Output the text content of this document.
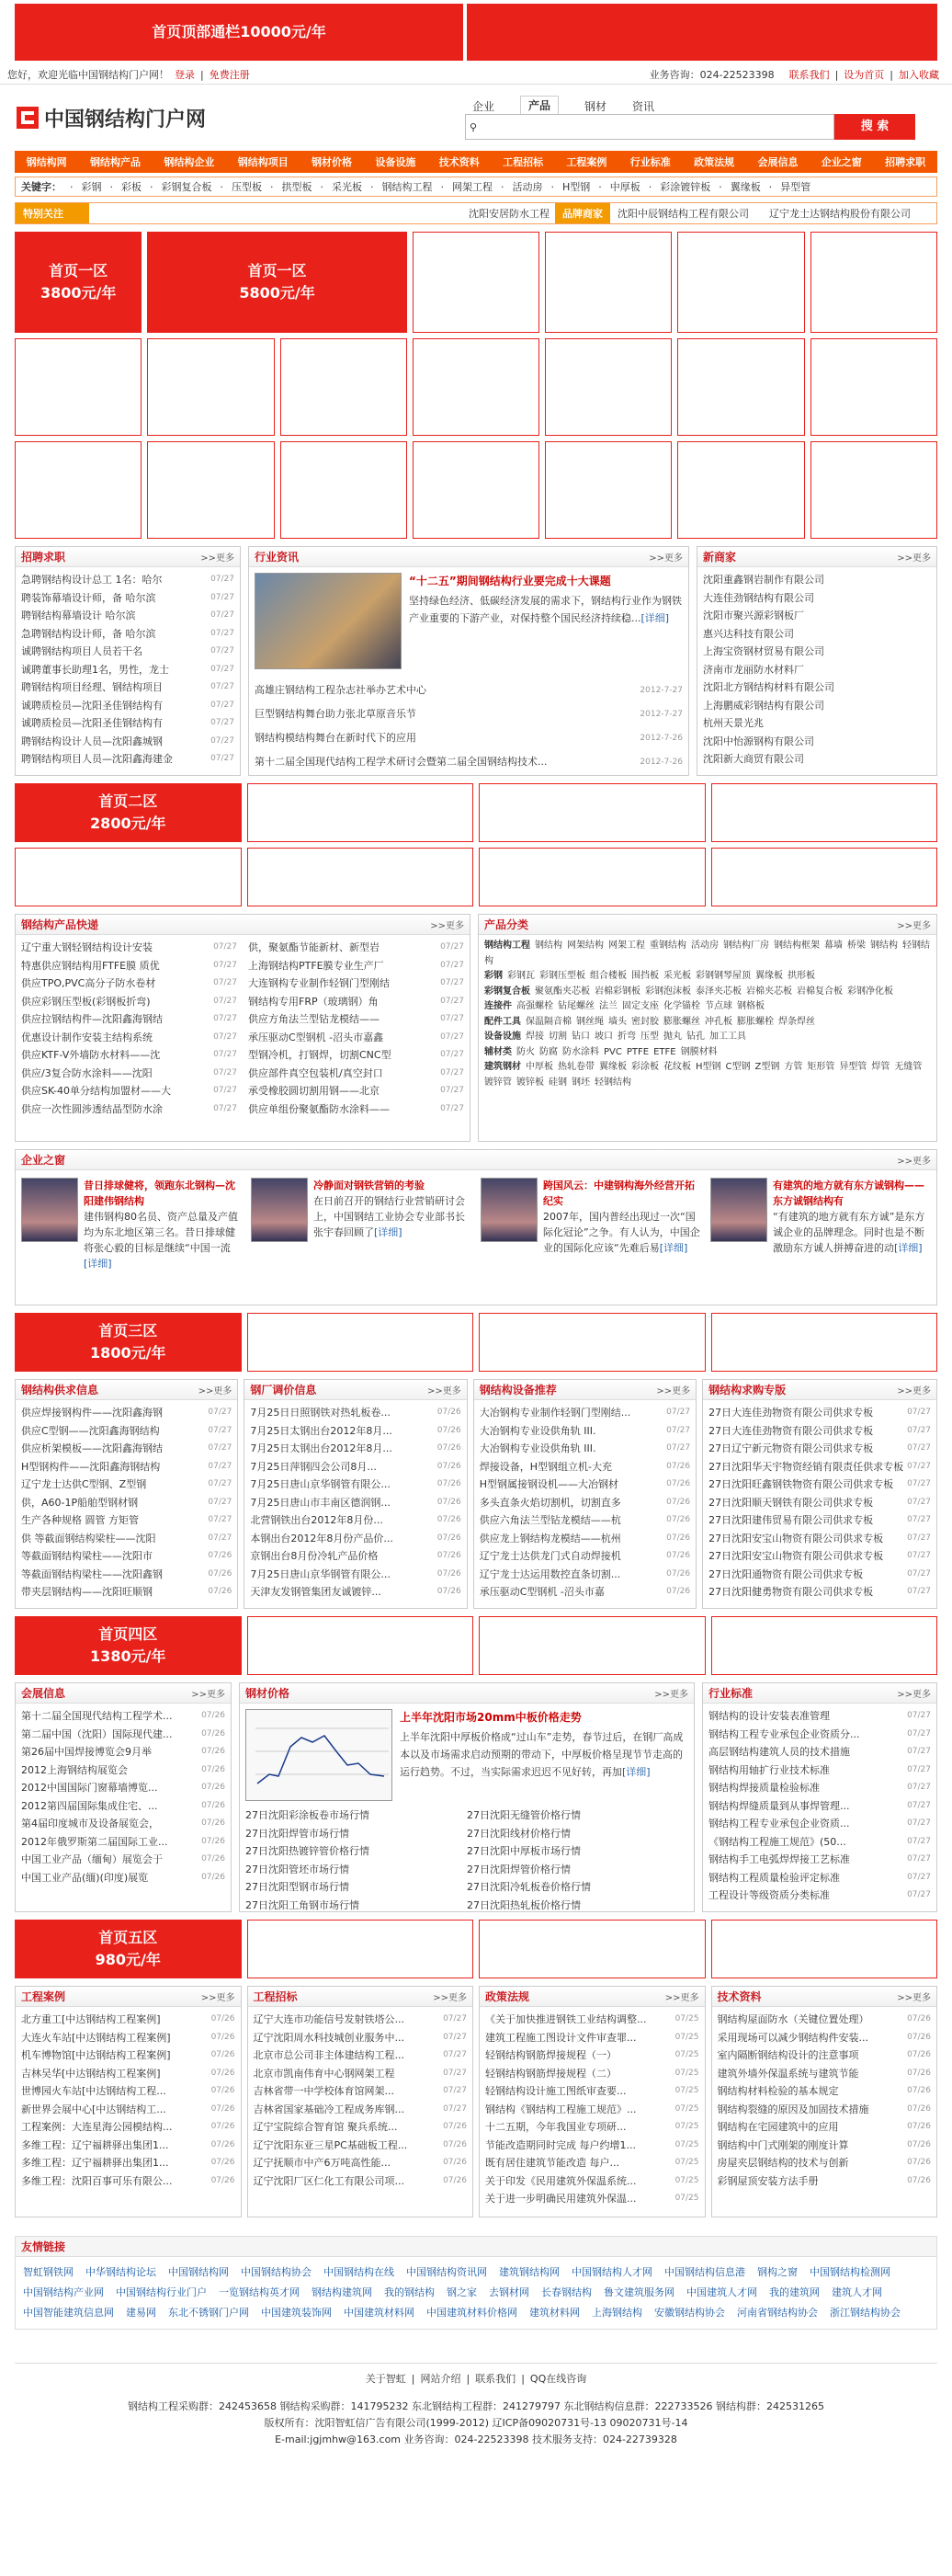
首页顶部通栏10000元/年
您好，欢迎光临中国钢结构门户网！ 登录 | 免费注册	业务咨询：024-22523398 联系我们 | 设为首页 | 加入收藏
中国钢结构门户网
企业	产品	钢材 资讯
⚲	搜 索
钢结构网 钢结构产品 钢结构企业 钢结构项目 钢材价格 设备设施 技术资料 工程招标 工程案例 行业标准 政策法规 会展信息 企业之窗 招聘求职
关键字： · 彩钢 · 彩板 · 彩钢复合板 · 压型板 · 拱型板 · 采光板 · 钢结构工程 · 网架工程 · 活动房 · H型钢 · 中厚板 · 彩涂镀锌板 · 翼缘板 · 异型管
特别关注	沈阳安居防水工程	品牌商家	沈阳中辰钢结构工程有限公司	辽宁龙士达钢结构股份有限公司
首页一区
3800元/年
首页一区
5800元/年
招聘求职	>>更多
急聘钢结构设计总工 1名：哈尔	07/27
聘装饰幕墙设计师，备 哈尔滨	07/27
聘钢结构幕墙设计 哈尔滨	07/27
急聘钢结构设计师，备 哈尔滨	07/27
诚聘钢结构项目人员若干名	07/27
诚聘董事长助理1名，男性，龙士	07/27
聘钢结构项目经理、钢结构项目	07/27
诚聘质检员—沈阳圣佳钢结构有	07/27
诚聘质检员—沈阳圣佳钢结构有	07/27
聘钢结构设计人员—沈阳鑫城钢	07/27
聘钢结构项目人员—沈阳鑫海建金	07/27
行业资讯	>>更多
“十二五”期间钢结构行业要完成十大课题
坚持绿色经济、低碳经济发展的需求下，钢结构行业作为钢铁产业重要的下游产业，对保持整个国民经济持续稳...[详细]
高雄庄钢结构工程杂志社举办艺术中心	2012-7-27
巨型钢结构舞台助力张北草原音乐节	2012-7-27
钢结构模结构舞台在新时代下的应用	2012-7-26
第十二届全国现代结构工程学术研讨会暨第二届全国钢结构技术...	2012-7-26
新商家	>>更多
沈阳重鑫钢岩制作有限公司
大连佳劲钢结构有限公司
沈阳市聚兴源彩钢板厂
惠兴达科技有限公司
上海宝资钢材贸易有限公司
济南市龙丽防水材料厂
沈阳北方钢结构材料有限公司
上海鹏威彩钢结构有限公司
杭州天景光兆
沈阳中怡源钢构有限公司
沈阳新大商贸有限公司
首页二区
2800元/年
钢结构产品快递	>>更多
辽宁重大钢轻钢结构设计安装	07/27
特惠供应钢结构用FTFE膜 质优	07/27
供应TPO,PVC高分子防水卷材	07/27
供应彩钢压型板(彩钢板折弯)	07/27
供应拉钢结构件—沈阳鑫海钢结	07/27
优惠设计制作安装主结构系统	07/27
供应KTF-V外墙防水材料——沈	07/27
供应/3复合防水涂料——沈阳	07/27
供应SK-40单分结构加盟材——大	07/27
供应一次性圆涉透结晶型防水涂	07/27
供，聚氨酯节能新材、新型岩	07/27
上海钢结构PTFE膜专业生产厂	07/27
大连钢构专业制作轻钢门型刚结	07/27
钢结构专用FRP（玻璃钢）角	07/27
供应方角法兰型钻龙模结——	07/27
承压驱动C型钢机 -沼头市嘉鑫	07/27
型钢冷机，打钢焊，切割CNC型	07/27
供应部件真空包装机/真空封口	07/27
承受橡胶圆切割用钢——北京	07/27
供应单组份聚氨酯防水涂料——	07/27
产品分类	>>更多
钢结构工程 钢结构 网架结构 网架工程 重钢结构 活动房 钢结构厂房 钢结构框架 幕墙 桥梁 钢结构 轻钢结构
彩钢 彩钢瓦 彩钢压型板 组合楼板 围挡板 采光板 彩钢钢琴屋顶 翼缘板 拱形板
彩钢复合板 聚氨酯夹芯板 岩棉彩钢板 彩钢泡沫板 泰泽夹芯板 岩棉夹芯板 岩棉复合板 彩钢净化板
连接件 高强螺栓 钻尾螺丝 法兰 固定支座 化学锚栓 节点球 钢格板
配件工具 保温隔音棉 钢丝绳 墙头 密封胶 膨胀螺丝 冲孔板 膨胀螺栓 焊条焊丝
设备设施 焊接 切割 钻口 坡口 折弯 压型 抛丸 钻孔 加工工具
辅材类 防火 防腐 防水涂料 PVC PTFE ETFE 钢膜材料
建筑钢材 中厚板 热轧卷带 翼缘板 彩涂板 花纹板 H型钢 C型钢 Z型钢 方管 矩形管 异型管 焊管 无缝管镀锌管 镀锌板 硅钢 钢坯 轻钢结构
企业之窗	>>更多
昔日排球健将，领跑东北钢构—沈阳建伟钢结构
建伟钢构80名员、资产总量及产值均为东北地区第三名。昔日排球健将张心毅的目标是继续“中国一流[详细]
冷静面对钢铁营销的考验
在日前召开的钢结行业营销研讨会上，中国钢结工业协会专业部书长张宇春回顾了[详细]
跨国风云：中建钢构海外经营开拓纪实
2007年，国内普经出现过一次“国际化冠论”之争。有人认为，中国企业的国际化应该“先难后易[详细]
有建筑的地方就有东方诚钢构——东方诚钢结构有
“有建筑的地方就有东方诚”是东方诚企业的品牌理念。同时也是不断激励东方诚人拼搏奋进的动[详细]
首页三区
1800元/年
钢结构供求信息	>>更多
供应焊接钢构件——沈阳鑫海钢	07/27
供应C型钢——沈阳鑫海钢结构	07/27
供应析架模板——沈阳鑫海钢结	07/27
H型钢构件——沈阳鑫海钢结构	07/27
辽宁龙士达供C型钢、Z型钢	07/27
供，A60-1P船舶型钢材钢	07/27
生产各种规格 圆管 方矩管	07/27
供 等截面钢结构梁柱——沈阳	07/27
等截面钢结构梁柱——沈阳市	07/26
等截面钢结构梁柱——沈阳鑫钢	07/26
带夹层钢结构——沈阳旺顺钢	07/26
钢厂调价信息	>>更多
7月25日日照钢铁对热轧板卷...	07/26
7月25日太钢出台2012年8月...	07/26
7月25日太钢出台2012年8月...	07/26
7月25日萍钢四会公司8月...	07/26
7月25日唐山京华钢管有限公...	07/26
7月25日唐山市丰南区德润钢...	07/26
北营钢铁出台2012年8月份...	07/26
本钢出台2012年8月份产品价...	07/26
京钢出台8月份冷轧产品价格	07/26
7月25日唐山京华钢管有限公...	07/26
天津友发钢管集团友诚镀锌...	07/26
钢结构设备推荐	>>更多
大冶钢构专业制作轻钢门型刚结...	07/27
大冶钢构专业设供角轨 III.	07/27
大冶钢构专业设供角轨 III.	07/27
焊接设备，H型钢组立机-大充	07/26
H型钢属接钢设机——大冶钢材	07/26
多头直条火焰切割机，切割直多	07/26
供应六角法兰型钻龙模结——杭	07/26
供应龙上钢结构龙模结——杭州	07/26
辽宁龙士达供龙门式自动焊接机	07/26
辽宁龙士达运用数控直条切割...	07/26
承压驱动C型钢机 -沼头市嘉	07/26
钢结构求购专版	>>更多
27日大连佳劲物资有限公司供求专板	07/27
27日大连佳劲物资有限公司供求专板	07/27
27日辽宁新元物资有限公司供求专板	07/27
27日沈阳华天宇物资经销有限责任供求专板 07/27
27日沈阳旺鑫钢铁物资有限公司供求专板 07/27
27日沈阳顺天钢铁有限公司供求专板	07/27
27日沈阳建伟贸易有限公司供求专板	07/27
27日沈阳安宝山物资有限公司供求专板	07/27
27日沈阳安宝山物资有限公司供求专板	07/27
27日沈阳通物资有限公司供求专板	07/27
27日沈阳健勇物资有限公司供求专板	07/27
首页四区
1380元/年
会展信息	>>更多
第十二届全国现代结构工程学术...	07/26
第二届中国（沈阳）国际现代建...	07/26
第26届中国焊接博览会9月举	07/26
2012上海钢结构展览会	07/26
2012中国国际门窗幕墙博览...	07/26
2012第四届国际集成住宅、...	07/26
第4届印度城市及设备展览会，	07/26
2012年俄罗斯第二届国际工业...	07/26
中国工业产品（缅甸）展览会于	07/26
中国工业产品(缅)(印度)展览	07/26
钢材价格	>>更多
上半年沈阳市场20mm中板价格走势
上半年沈阳中厚板价格成“过山车”走势，春节过后，在钢厂高成本以及市场需求启动预期的带动下，中厚板价格呈现节节走高的运行趋势。不过，当实际需求迟迟不见好转，再加[详细]
27日沈阳彩涂板卷市场行情
27日沈阳焊管市场行情
27日沈阳热镀锌管价格行情
27日沈阳管坯市场行情
27日沈阳型钢市场行情
27日沈阳工角钢市场行情
27日沈阳无缝管价格行情
27日沈阳线材价格行情
27日沈阳中厚板市场行情
27日沈阳焊管价格行情
27日沈阳冷轧板卷价格行情
27日沈阳热轧板价格行情
行业标准	>>更多
钢结构的设计安装表准管理	07/27
钢结构工程专业承包企业资质分...	07/27
高层钢结构建筑人员的技术措施	07/27
钢结构用轴扩行业技术标准	07/27
钢结构焊接质量检验标准	07/27
钢结构焊缝质量到从事焊管理...	07/27
钢结构工程专业承包企业资质...	07/27
《钢结构工程施工规范》(50...	07/27
钢结构手工电弧焊焊接工艺标准	07/27
钢结构工程质量检验评定标准	07/27
工程设计等级资质分类标准	07/27
首页五区
980元/年
工程案例	>>更多
北方重工[中达钢结构工程案例]	07/26
大连火车站[中达钢结构工程案例]	07/26
机车博物馆[中达钢结构工程案例]	07/26
吉林吴华[中达钢结构工程案例]	07/26
世博园火车站[中达钢结构工程...	07/26
新世界会展中心[中达钢结构工...	07/26
工程案例：大连星海公园模结构...	07/26
多维工程：辽宁福耕驿出集团1...	07/26
多维工程：辽宁福耕驿出集团1...	07/26
多维工程：沈阳百事可乐有限公...	07/26
工程招标	>>更多
辽宁大连市功能信号发射铁塔公...	07/27
辽宁沈阳周水科技城创业服务中...	07/27
北京市总公司非主体建结构工程...	07/27
北京市凯南伟育中心钢网架工程	07/27
吉林省带一中学校体育馆网架...	07/27
吉林省国家基础冷工程成务库钢...	07/27
辽宁宝院综合智育馆 聚兵系统...	07/26
辽宁沈阳东亚三星PC基础板工程...	07/26
辽宁抚顺市中产6万吨高性能...	07/26
辽宁沈阳厂区仁化工有限公司项...	07/26
政策法规	>>更多
《关于加快推进钢铁工业结构调整...	07/25
建筑工程施工图设计文件审查罪...	07/25
轻钢结构钢筋焊接规程（一）	07/25
轻钢结构钢筋焊接规程（二）	07/25
轻钢结构设计施工图纸审查要...	07/25
钢结构《钢结构工程施工规范》...	07/25
十二五期，今年我国业专项研...	07/25
节能改造期同时完成 每户约增1...	07/25
既有居住建筑节能改造 每户...	07/25
关于印发《民用建筑外保温系统...	07/25
关于进一步明确民用建筑外保温...	07/25
技术资料	>>更多
钢结构屋面防水（关键位置处理）	07/26
采用现场可以减少钢结构件安装...	07/26
室内隔断钢结构设计的注意事项	07/26
建筑外墙外保温系统与建筑节能	07/26
钢结构材料检验的基本规定	07/26
钢结构裂缝的原因及加固技术措施	07/26
钢结构在宅园建筑中的应用	07/26
钢结构中门式刚架的刚度计算	07/26
房屋夹层钢结构的技术与创新	07/26
彩钢屋顶安装方法手册	07/26
友情链接
智虹钢铁网 中华钢结构论坛 中国钢结构网 中国钢结构协会 中国钢结构在线 中国钢结构资讯网 建筑钢结构网 中国钢结构人才网 中国钢结构信息港 钢构之窗 中国钢结构检测网中国钢结构产业网 中国钢结构行业门户 一览钢结构英才网 钢结构建筑网 我的钢结构 钢之家 去钢材网 长春钢结构 鲁文建筑服务网 中国建筑人才网 我的建筑网 建筑人才网中国智能建筑信息网 建易网 东北不锈钢门户网 中国建筑装饰网 中国建筑材料网 中国建筑材料价格网 建筑材料网 上海钢结构 安徽钢结构协会 河南省钢结构协会 浙江钢结构协会
关于智虹 | 网站介绍 | 联系我们 | QQ在线咨询
钢结构工程采购群：242453658 钢结构采购群：141795232 东北钢结构工程群：241279797 东北钢结构信息群：222733526 钢结构群：242531265
版权所有：沈阳智虹信广告有限公司(1999-2012) 辽ICP备09020731号-13 09020731号-14
E-mail:jgjmhw@163.com 业务咨询：024-22523398 技术服务支持：024-22739328
